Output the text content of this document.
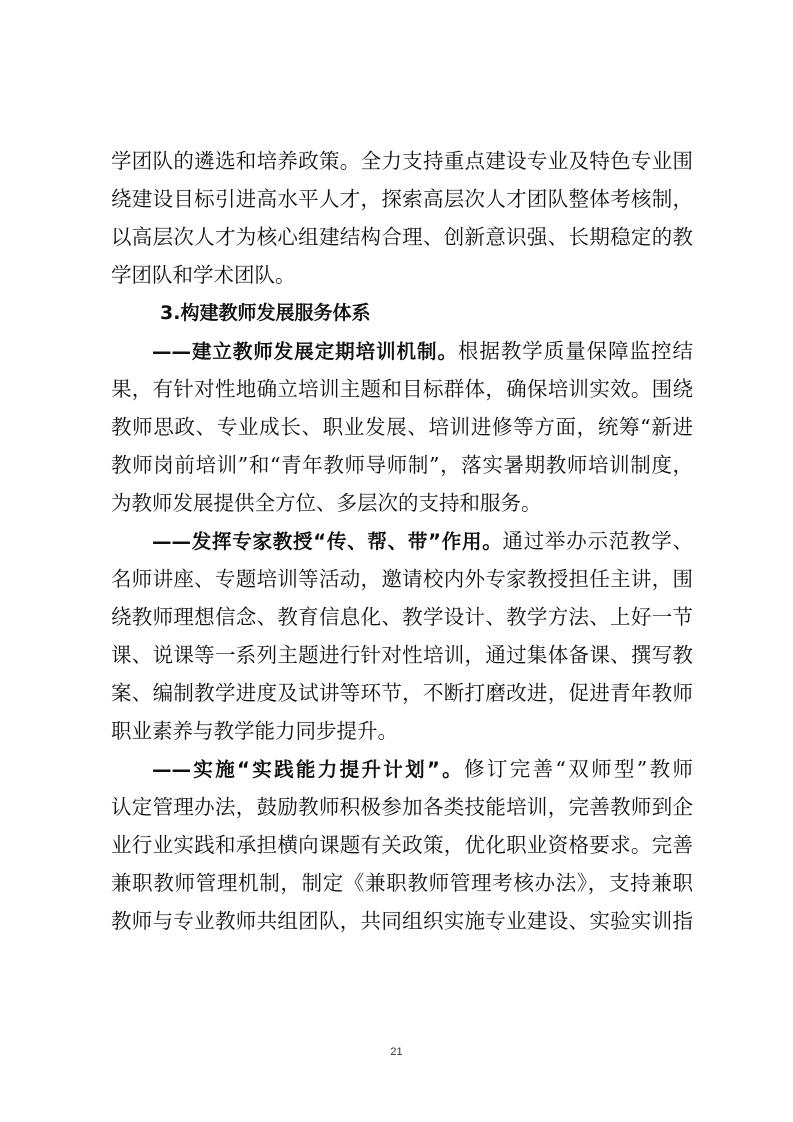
学团队的遴选和培养政策。全力支持重点建设专业及特色专业围
绕建设目标引进高水平人才，探索高层次人才团队整体考核制，
以高层次人才为核心组建结构合理、创新意识强、长期稳定的教
学团队和学术团队。
3.构建教师发展服务体系
——建立教师发展定期培训机制。根据教学质量保障监控结
果，有针对性地确立培训主题和目标群体，确保培训实效。围绕
教师思政、专业成长、职业发展、培训进修等方面，统筹“新进
教师岗前培训”和“青年教师导师制”，落实暑期教师培训制度，
为教师发展提供全方位、多层次的支持和服务。
——发挥专家教授“传、帮、带”作用。通过举办示范教学、
名师讲座、专题培训等活动，邀请校内外专家教授担任主讲，围
绕教师理想信念、教育信息化、教学设计、教学方法、上好一节
课、说课等一系列主题进行针对性培训，通过集体备课、撰写教
案、编制教学进度及试讲等环节，不断打磨改进，促进青年教师
职业素养与教学能力同步提升。
——实施“实践能力提升计划”。修订完善“双师型”教师
认定管理办法，鼓励教师积极参加各类技能培训，完善教师到企
业行业实践和承担横向课题有关政策，优化职业资格要求。完善
兼职教师管理机制，制定《兼职教师管理考核办法》，支持兼职
教师与专业教师共组团队，共同组织实施专业建设、实验实训指
21
